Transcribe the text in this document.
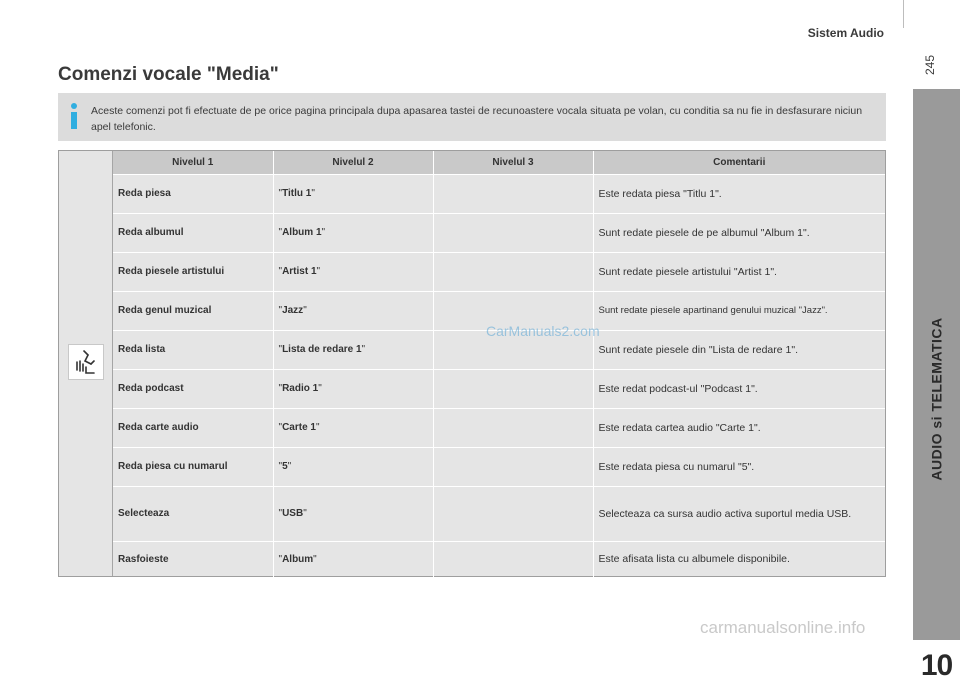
Sistem Audio
245
AUDIO si TELEMATICA
10
Comenzi vocale "Media"
Aceste comenzi pot fi efectuate de pe orice pagina principala dupa apasarea tastei de recunoastere vocala situata pe volan, cu conditia sa nu fie in desfasurare niciun apel telefonic.
Nivelul 1	Nivelul 2	Nivelul 3	Comentarii
Reda piesa	"Titlu 1"		Este redata piesa "Titlu 1".
Reda albumul	"Album 1"		Sunt redate piesele de pe albumul "Album 1".
Reda piesele artistului	"Artist 1"		Sunt redate piesele artistului "Artist 1".
Reda genul muzical	"Jazz"		Sunt redate piesele apartinand genului muzical "Jazz".
Reda lista	"Lista de redare 1"		Sunt redate piesele din "Lista de redare 1".
Reda podcast	"Radio 1"		Este redat podcast-ul "Podcast 1".
Reda carte audio	"Carte 1"		Este redata cartea audio "Carte 1".
Reda piesa cu numarul	"5"		Este redata piesa cu numarul "5".
Selecteaza	"USB"		Selecteaza ca sursa audio activa suportul media USB.
Rasfoieste	"Album"		Este afisata lista cu albumele disponibile.
CarManuals2.com
carmanualsonline.info
